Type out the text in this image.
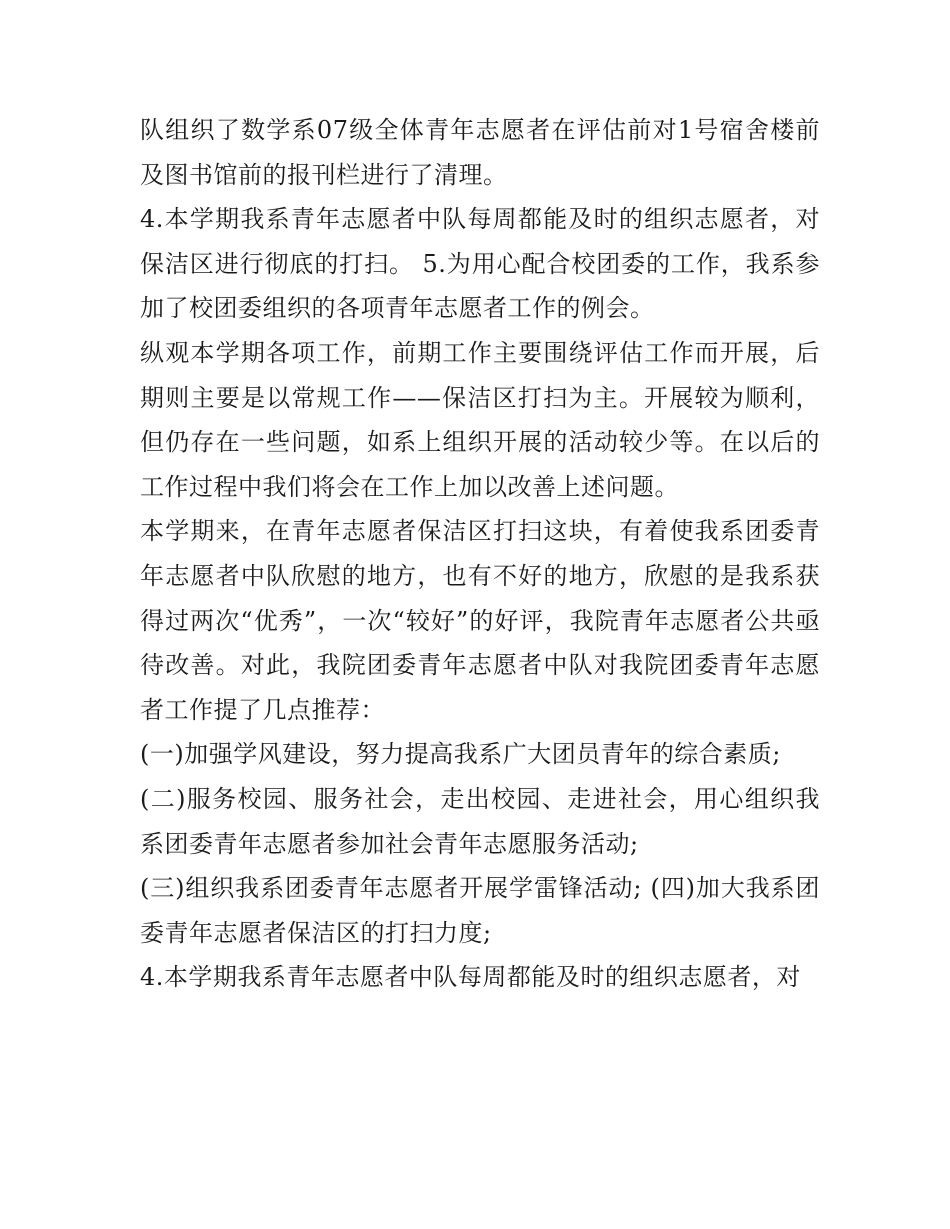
队组织了数学系07级全体青年志愿者在评估前对1号宿舍楼前及图书馆前的报刊栏进行了清理。

4.本学期我系青年志愿者中队每周都能及时的组织志愿者，对保洁区进行彻底的打扫。 5.为用心配合校团委的工作，我系参加了校团委组织的各项青年志愿者工作的例会。

纵观本学期各项工作，前期工作主要围绕评估工作而开展，后期则主要是以常规工作——保洁区打扫为主。开展较为顺利，但仍存在一些问题，如系上组织开展的活动较少等。在以后的工作过程中我们将会在工作上加以改善上述问题。

本学期来，在青年志愿者保洁区打扫这块，有着使我系团委青年志愿者中队欣慰的地方，也有不好的地方，欣慰的是我系获得过两次“优秀”，一次“较好”的好评，我院青年志愿者公共亟待改善。对此，我院团委青年志愿者中队对我院团委青年志愿者工作提了几点推荐：

(一)加强学风建设，努力提高我系广大团员青年的综合素质;

(二)服务校园、服务社会，走出校园、走进社会，用心组织我系团委青年志愿者参加社会青年志愿服务活动;

(三)组织我系团委青年志愿者开展学雷锋活动; (四)加大我系团委青年志愿者保洁区的打扫力度;

4.本学期我系青年志愿者中队每周都能及时的组织志愿者，对
